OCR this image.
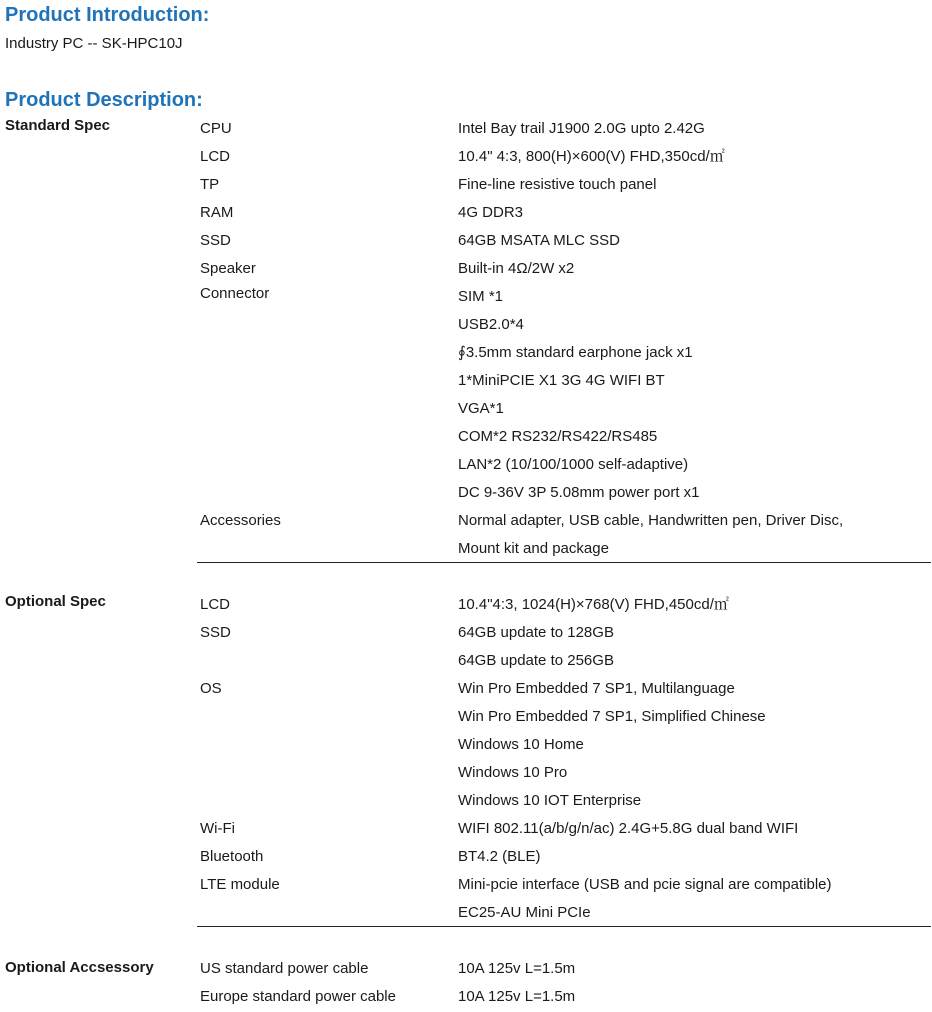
Product Introduction:
Industry PC -- SK-HPC10J
Product Description:
Standard Spec	CPU	Intel Bay trail J1900 2.0G upto 2.42G
LCD	10.4" 4:3, 800(H)×600(V) FHD,350cd/㎡
TP	Fine-line resistive touch panel
RAM	4G DDR3
SSD	64GB MSATA MLC SSD
Speaker	Built-in 4Ω/2W x2
Connector	SIM *1
USB2.0*4
∮3.5mm standard earphone jack x1
1*MiniPCIE X1 3G 4G WIFI BT
VGA*1
COM*2 RS232/RS422/RS485
LAN*2 (10/100/1000 self-adaptive)
DC 9-36V 3P 5.08mm power port x1
Accessories	Normal adapter, USB cable, Handwritten pen, Driver Disc,
Mount kit and package
Optional Spec	LCD	10.4"4:3, 1024(H)×768(V) FHD,450cd/㎡
SSD	64GB update to 128GB
64GB update to 256GB
OS	Win Pro Embedded 7 SP1, Multilanguage
Win Pro Embedded 7 SP1, Simplified Chinese
Windows 10 Home
Windows 10 Pro
Windows 10 IOT Enterprise
Wi-Fi	WIFI 802.11(a/b/g/n/ac) 2.4G+5.8G dual band WIFI
Bluetooth	BT4.2 (BLE)
LTE module	Mini-pcie interface (USB and pcie signal are compatible)
EC25-AU Mini PCIe
Optional Accsessory	US standard power cable	10A 125v L=1.5m
Europe standard power cable	10A 125v L=1.5m
